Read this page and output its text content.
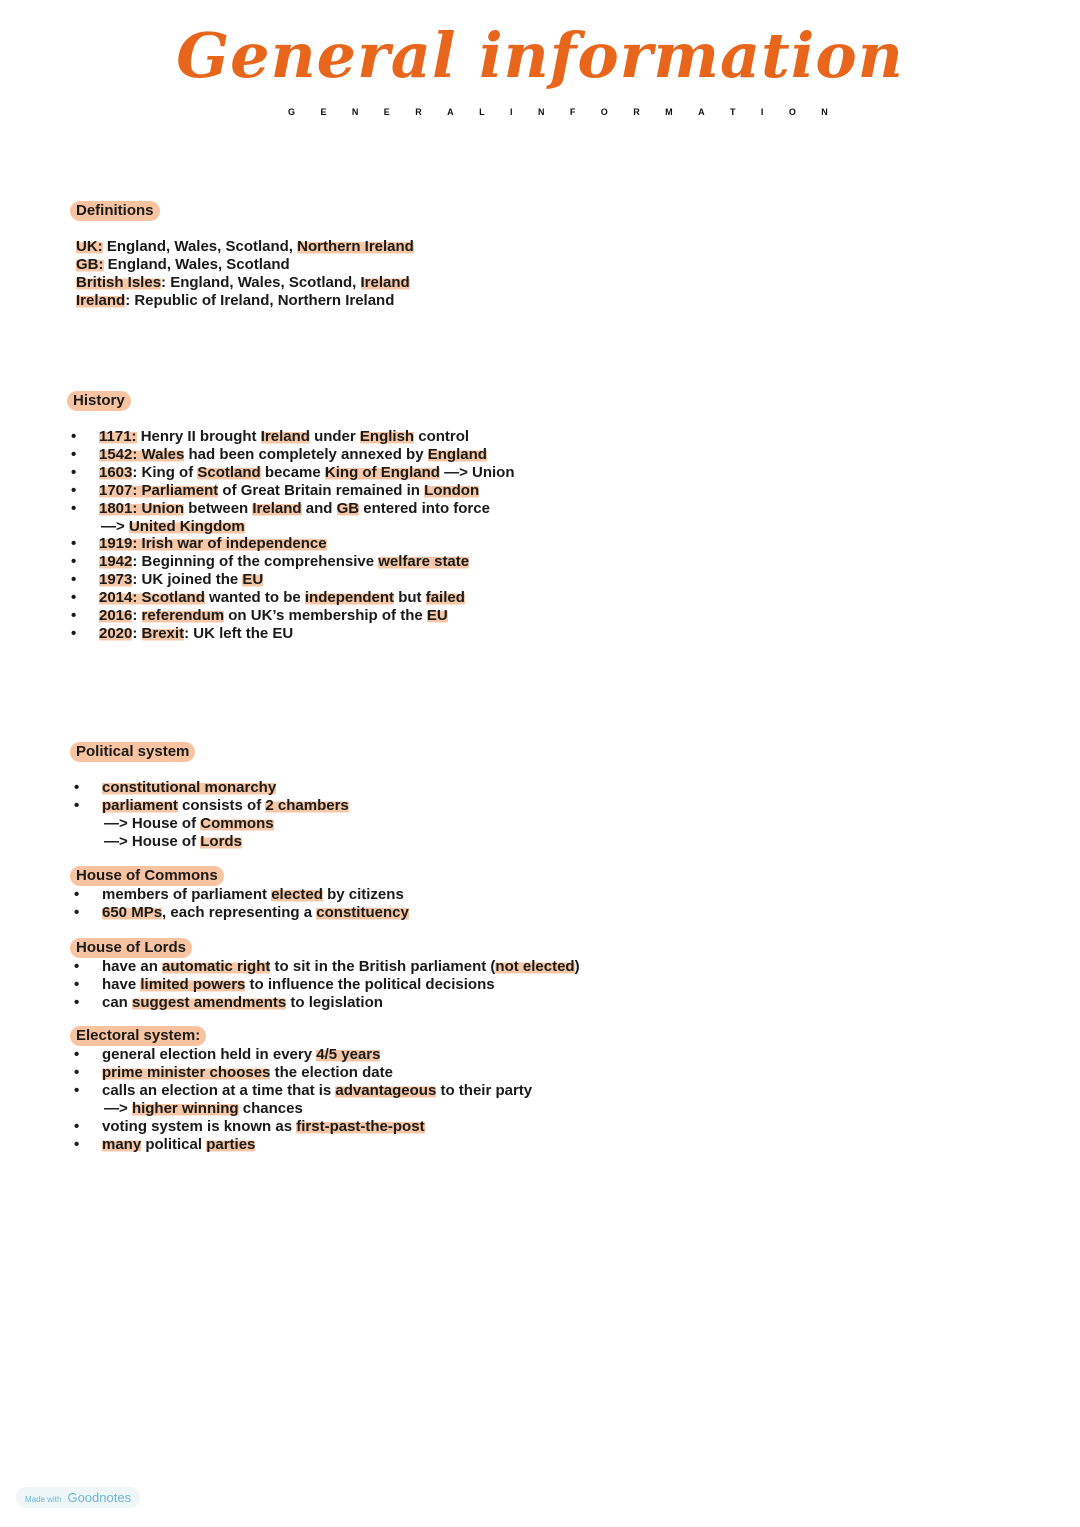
General information
G	E	N	E	R	A	L	I	N	F	O	R	M	A	T	I	O	N
Definitions
UK: England, Wales, Scotland, Northern Ireland
GB: England, Wales, Scotland
British Isles: England, Wales, Scotland, Ireland
Ireland: Republic of Ireland, Northern Ireland
History
• 1171: Henry II brought Ireland under English control
• 1542: Wales had been completely annexed by England
• 1603: King of Scotland became King of England —> Union
• 1707: Parliament of Great Britain remained in London
• 1801: Union between Ireland and GB entered into force
—> United Kingdom
• 1919: Irish war of independence
• 1942: Beginning of the comprehensive welfare state
• 1973: UK joined the EU
• 2014: Scotland wanted to be independent but failed
• 2016: referendum on UK’s membership of the EU
• 2020: Brexit: UK left the EU
Political system
• constitutional monarchy
• parliament consists of 2 chambers
—> House of Commons
—> House of Lords
House of Commons
• members of parliament elected by citizens
• 650 MPs, each representing a constituency
House of Lords
• have an automatic right to sit in the British parliament (not elected)
• have limited powers to influence the political decisions
• can suggest amendments to legislation
Electoral system:
• general election held in every 4/5 years
• prime minister chooses the election date
• calls an election at a time that is advantageous to their party
—> higher winning chances
• voting system is known as first-past-the-post
• many political parties
Made with Goodnotes
